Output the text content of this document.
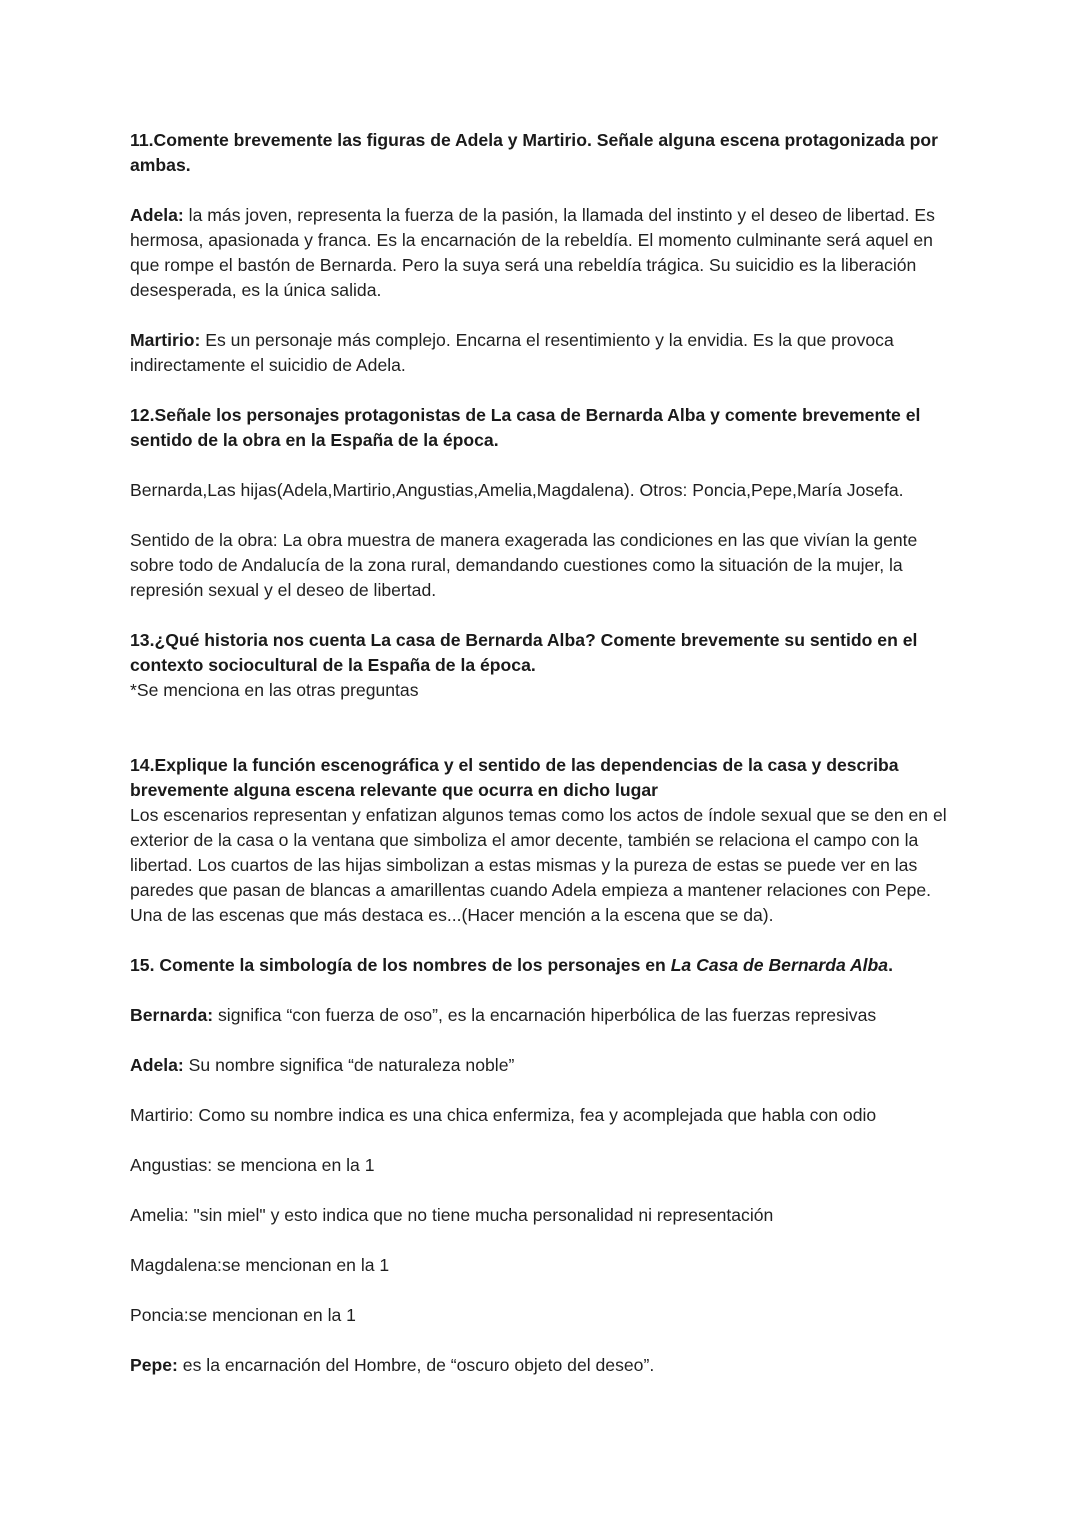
11.Comente brevemente las figuras de Adela y Martirio. Señale alguna escena protagonizada por ambas.

Adela: la más joven, representa la fuerza de la pasión, la llamada del instinto y el deseo de libertad. Es hermosa, apasionada y franca. Es la encarnación de la rebeldía. El momento culminante será aquel en que rompe el bastón de Bernarda. Pero la suya será una rebeldía trágica. Su suicidio es la liberación desesperada, es la única salida.

Martirio: Es un personaje más complejo. Encarna el resentimiento y la envidia. Es la que provoca indirectamente el suicidio de Adela.

12.Señale los personajes protagonistas de La casa de Bernarda Alba y comente brevemente el sentido de la obra en la España de la época.

Bernarda,Las hijas(Adela,Martirio,Angustias,Amelia,Magdalena). Otros: Poncia,Pepe,María Josefa.

Sentido de la obra: La obra muestra de manera exagerada las condiciones en las que vivían la gente sobre todo de Andalucía de la zona rural, demandando cuestiones como la situación de la mujer, la represión sexual y el deseo de libertad.

13.¿Qué historia nos cuenta La casa de Bernarda Alba? Comente brevemente su sentido en el contexto sociocultural de la España de la época.

*Se menciona en las otras preguntas

14.Explique la función escenográfica y el sentido de las dependencias de la casa y describa brevemente alguna escena relevante que ocurra en dicho lugar

Los escenarios representan y enfatizan algunos temas como los actos de índole sexual que se den en el exterior de la casa o la ventana que simboliza el amor decente, también se relaciona el campo con la libertad. Los cuartos de las hijas simbolizan a estas mismas y la pureza de estas se puede ver en las paredes que pasan de blancas a amarillentas cuando Adela empieza a mantener relaciones con Pepe. Una de las escenas que más destaca es...(Hacer mención a la escena que se da).

15. Comente la simbología de los nombres de los personajes en La Casa de Bernarda Alba.

Bernarda: significa “con fuerza de oso”, es la encarnación hiperbólica de las fuerzas represivas

Adela: Su nombre significa “de naturaleza noble”

Martirio: Como su nombre indica es una chica enfermiza, fea y acomplejada que habla con odio

Angustias: se menciona en la 1

Amelia: "sin miel" y esto indica que no tiene mucha personalidad ni representación

Magdalena:se mencionan en la 1

Poncia:se mencionan en la 1

Pepe: es la encarnación del Hombre, de “oscuro objeto del deseo”.
